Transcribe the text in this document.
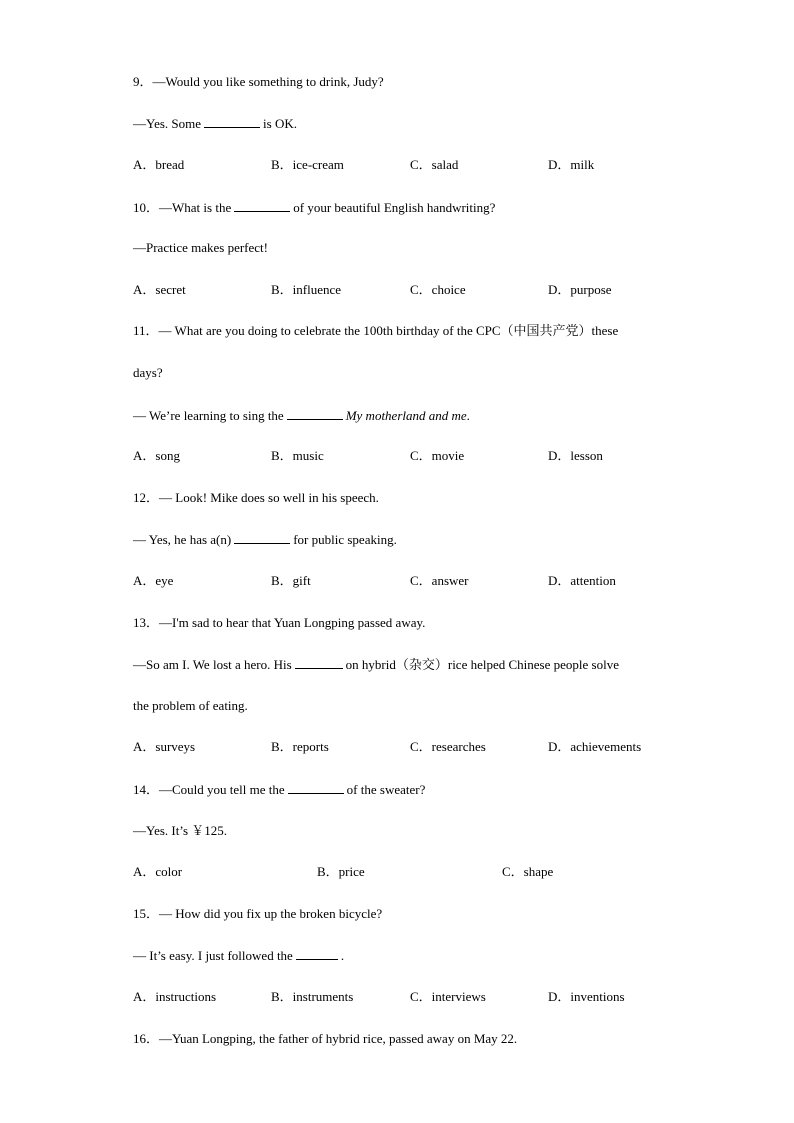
9．—Would you like something to drink, Judy?
—Yes. Some	is OK.
A．bread	B．ice-cream	C．salad	D．milk
10．—What is the	of your beautiful English handwriting?
—Practice makes perfect!
A．secret	B．influence	C．choice	D．purpose
11．— What are you doing to celebrate the 100th birthday of the CPC（中国共产党）these
days?
— We’re learning to sing the	My motherland and me.
A．song	B．music	C．movie	D．lesson
12．— Look! Mike does so well in his speech.
— Yes, he has a(n)	for public speaking.
A．eye	B．gift	C．answer	D．attention
13．—I'm sad to hear that Yuan Longping passed away.
—So am I. We lost a hero. His	on hybrid（杂交）rice helped Chinese people solve
the problem of eating.
A．surveys	B．reports	C．researches	D．achievements
14．—Could you tell me the	of the sweater?
—Yes. It’s ￥125.
A．color	B．price	C．shape
15．— How did you fix up the broken bicycle?
— It’s easy. I just followed the	.
A．instructions	B．instruments	C．interviews	D．inventions
16．—Yuan Longping, the father of hybrid rice, passed away on May 22.
